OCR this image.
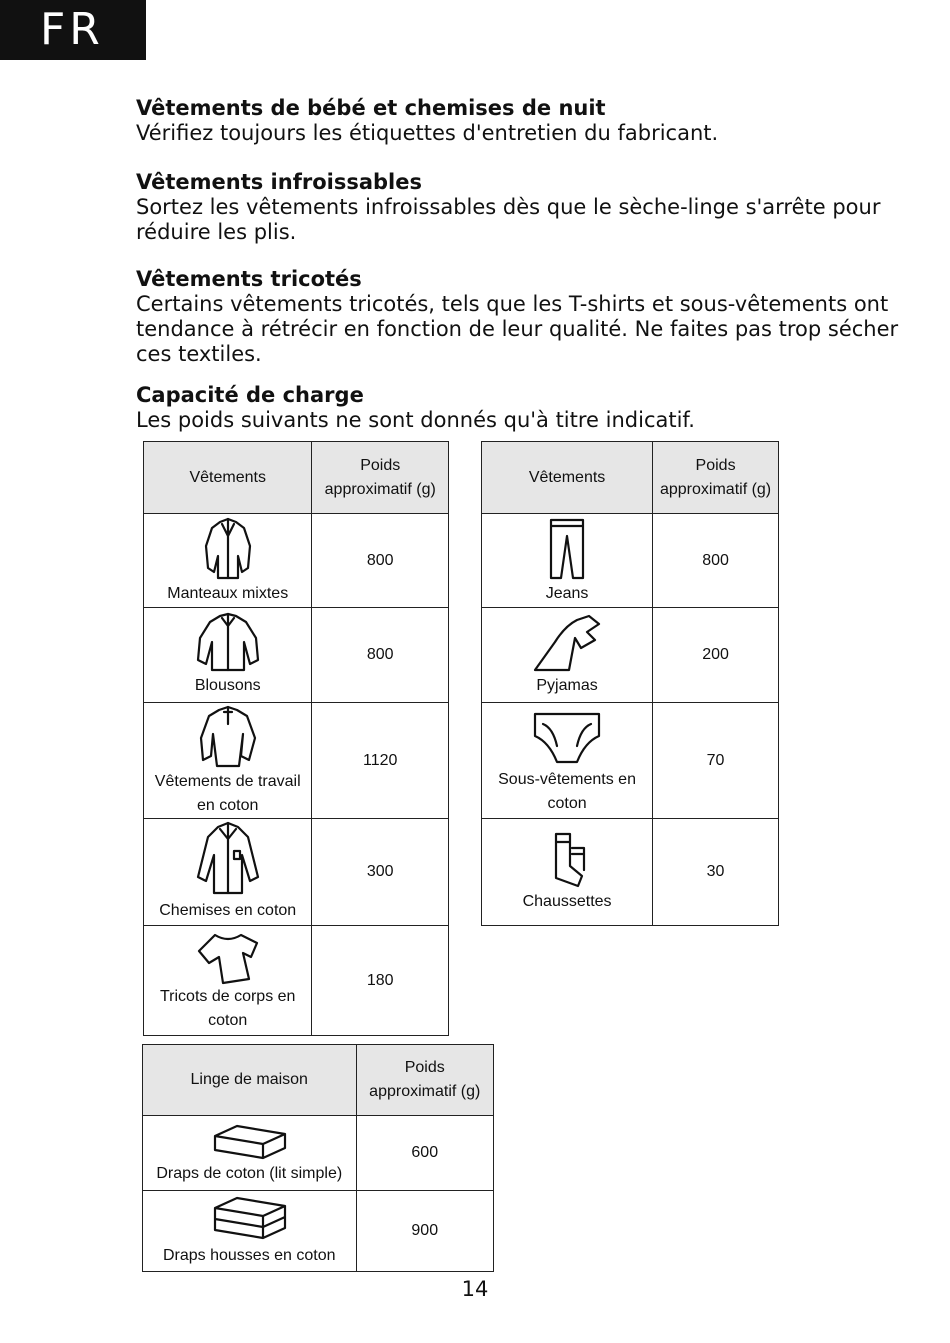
FR
Vêtements de bébé et chemises de nuit
Vérifiez toujours les étiquettes d'entretien du fabricant.
Vêtements infroissables
Sortez les vêtements infroissables dès que le sèche-linge s'arrête pour réduire les plis.
Vêtements tricotés
Certains vêtements tricotés, tels que les T-shirts et sous-vêtements ont tendance à rétrécir en fonction de leur qualité. Ne faites pas trop sécher ces textiles.
Capacité de charge
Les poids suivants ne sont donnés qu'à titre indicatif.
Vêtements	Poids approximatif (g)

Manteaux mixtes	800

Blousons	800

Vêtements de travail en coton	1120

Chemises en coton	300

Tricots de corps en coton	180
Vêtements	Poids approximatif (g)

Jeans	800

Pyjamas	200

Sous-vêtements en coton	70

Chaussettes	30
Linge de maison	Poids approximatif (g)

Draps de coton (lit simple)	600

Draps housses en coton	900
14
